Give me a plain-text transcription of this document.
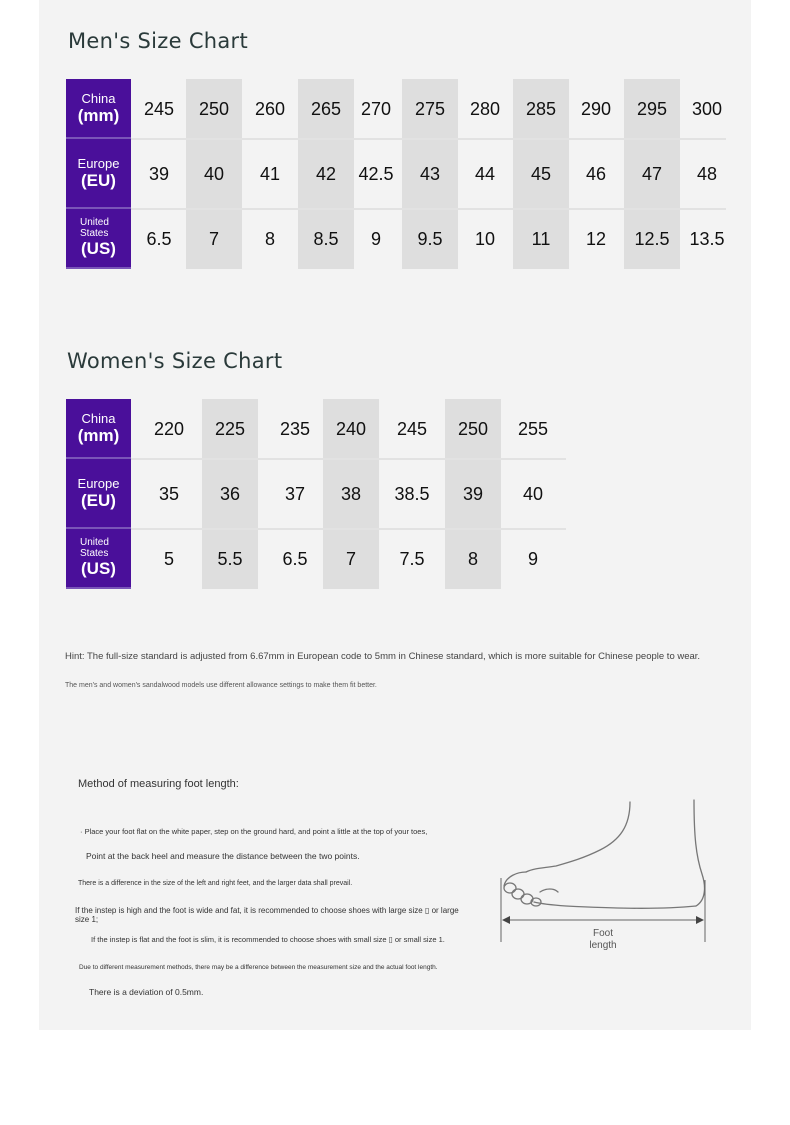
Men's Size Chart
China
(mm)	245	250	260	265	270	275	280	285	290	295	300
Europe
(EU)	39	40	41	42	42.5	43	44	45	46	47	48
United States
(US)	6.5	7	8	8.5	9	9.5	10	11	12	12.5	13.5
Women's Size Chart
China
(mm)	220	225	235	240	245	250	255
Europe
(EU)	35	36	37	38	38.5	39	40
United States
(US)	5	5.5	6.5	7	7.5	8	9
Hint: The full-size standard is adjusted from 6.67mm in European code to 5mm in Chinese standard, which is more suitable for Chinese people to wear.
The men's and women's sandalwood models use different allowance settings to make them fit better.
Method of measuring foot length:
· Place your foot flat on the white paper, step on the ground hard, and point a little at the top of your toes,
Point at the back heel and measure the distance between the two points.
There is a difference in the size of the left and right feet, and the larger data shall prevail.
If the instep is high and the foot is wide and fat, it is recommended to choose shoes with large size ▯ or large size 1;
If the instep is flat and the foot is slim, it is recommended to choose shoes with small size ▯ or small size 1.
Due to different measurement methods, there may be a difference between the measurement size and the actual foot length.
There is a deviation of 0.5mm.
Foot length
